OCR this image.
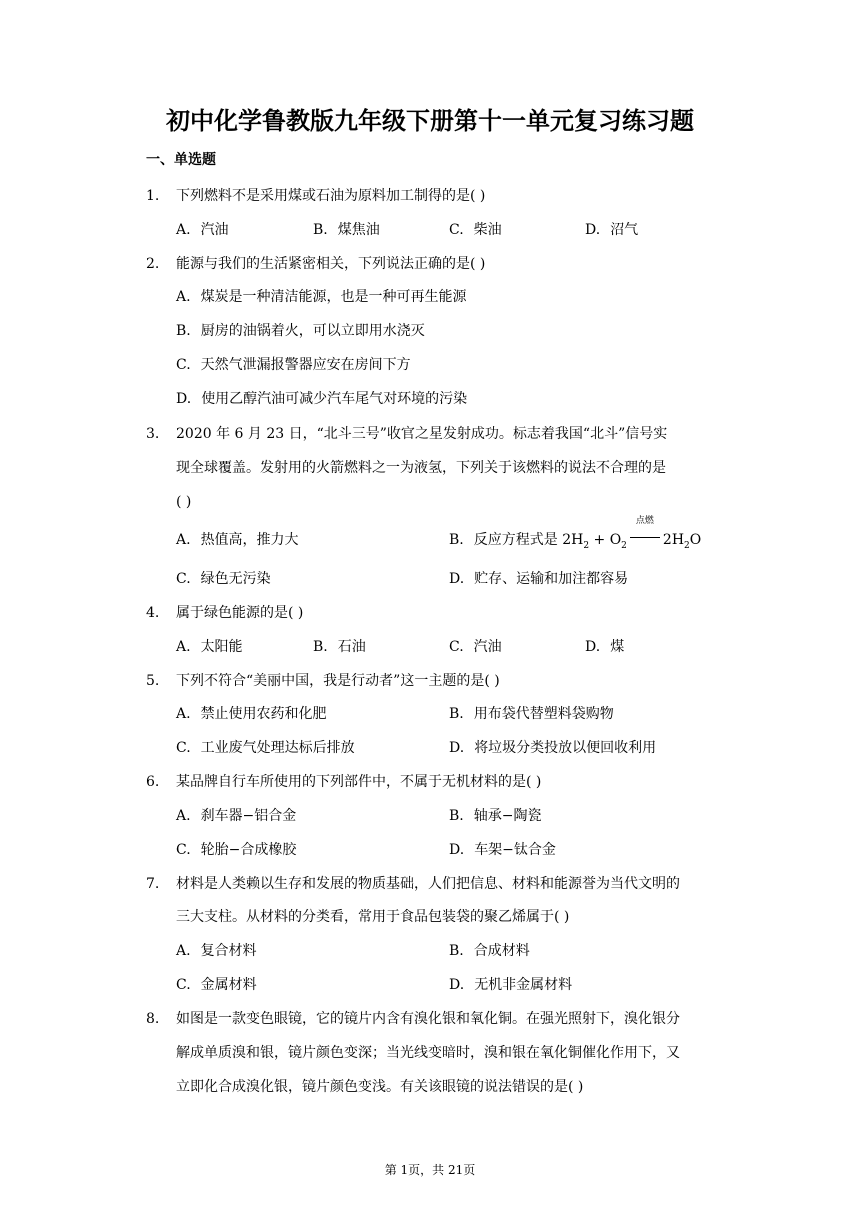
初中化学鲁教版九年级下册第十一单元复习练习题
一、单选题
1. 下列燃料不是采用煤或石油为原料加工制得的是( )
A. 汽油	B. 煤焦油	C. 柴油	D. 沼气
2. 能源与我们的生活紧密相关，下列说法正确的是( )
A. 煤炭是一种清洁能源，也是一种可再生能源
B. 厨房的油锅着火，可以立即用水浇灭
C. 天然气泄漏报警器应安在房间下方
D. 使用乙醇汽油可减少汽车尾气对环境的污染
3. 2020 年 6 月 23 日，“北斗三号”收官之星发射成功。标志着我国“北斗”信号实
现全球覆盖。发射用的火箭燃料之一为液氢，下列关于该燃料的说法不合理的是
( )
A. 热值高，推力大	B. 反应方程式是 $2H_2 + O_2$
点燃
$2H_2O$
C. 绿色无污染	D. 贮存、运输和加注都容易
4. 属于绿色能源的是( )
A. 太阳能	B. 石油	C. 汽油	D. 煤
5. 下列不符合“美丽中国，我是行动者”这一主题的是( )
A. 禁止使用农药和化肥	B. 用布袋代替塑料袋购物
C. 工业废气处理达标后排放	D. 将垃圾分类投放以便回收利用
6. 某品牌自行车所使用的下列部件中，不属于无机材料的是( )
A. 刹车器−铝合金	B. 轴承−陶瓷
C. 轮胎−合成橡胶	D. 车架−钛合金
7. 材料是人类赖以生存和发展的物质基础，人们把信息、材料和能源誉为当代文明的
三大支柱。从材料的分类看，常用于食品包装袋的聚乙烯属于( )
A. 复合材料	B. 合成材料
C. 金属材料	D. 无机非金属材料
8. 如图是一款变色眼镜，它的镜片内含有溴化银和氧化铜。在强光照射下，溴化银分
解成单质溴和银，镜片颜色变深；当光线变暗时，溴和银在氧化铜催化作用下，又
立即化合成溴化银，镜片颜色变浅。有关该眼镜的说法错误的是( )
第 1页，共 21页
